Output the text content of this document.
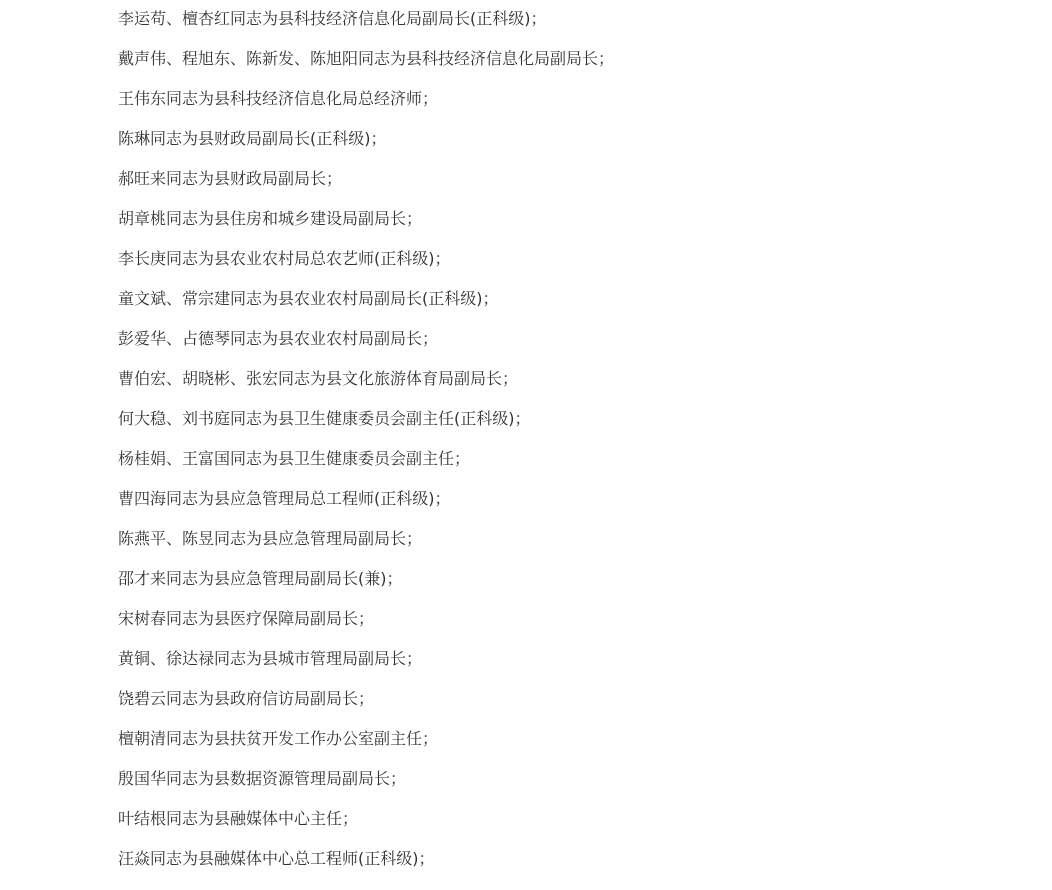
李运苟、檀杏红同志为县科技经济信息化局副局长(正科级)；
戴声伟、程旭东、陈新发、陈旭阳同志为县科技经济信息化局副局长；
王伟东同志为县科技经济信息化局总经济师；
陈琳同志为县财政局副局长(正科级)；
郝旺来同志为县财政局副局长；
胡章桃同志为县住房和城乡建设局副局长；
李长庚同志为县农业农村局总农艺师(正科级)；
童文斌、常宗建同志为县农业农村局副局长(正科级)；
彭爱华、占德琴同志为县农业农村局副局长；
曹伯宏、胡晓彬、张宏同志为县文化旅游体育局副局长；
何大稳、刘书庭同志为县卫生健康委员会副主任(正科级)；
杨桂娟、王富国同志为县卫生健康委员会副主任；
曹四海同志为县应急管理局总工程师(正科级)；
陈燕平、陈昱同志为县应急管理局副局长；
邵才来同志为县应急管理局副局长(兼)；
宋树春同志为县医疗保障局副局长；
黄铜、徐达禄同志为县城市管理局副局长；
饶碧云同志为县政府信访局副局长；
檀朝清同志为县扶贫开发工作办公室副主任；
殷国华同志为县数据资源管理局副局长；
叶结根同志为县融媒体中心主任；
汪焱同志为县融媒体中心总工程师(正科级)；
